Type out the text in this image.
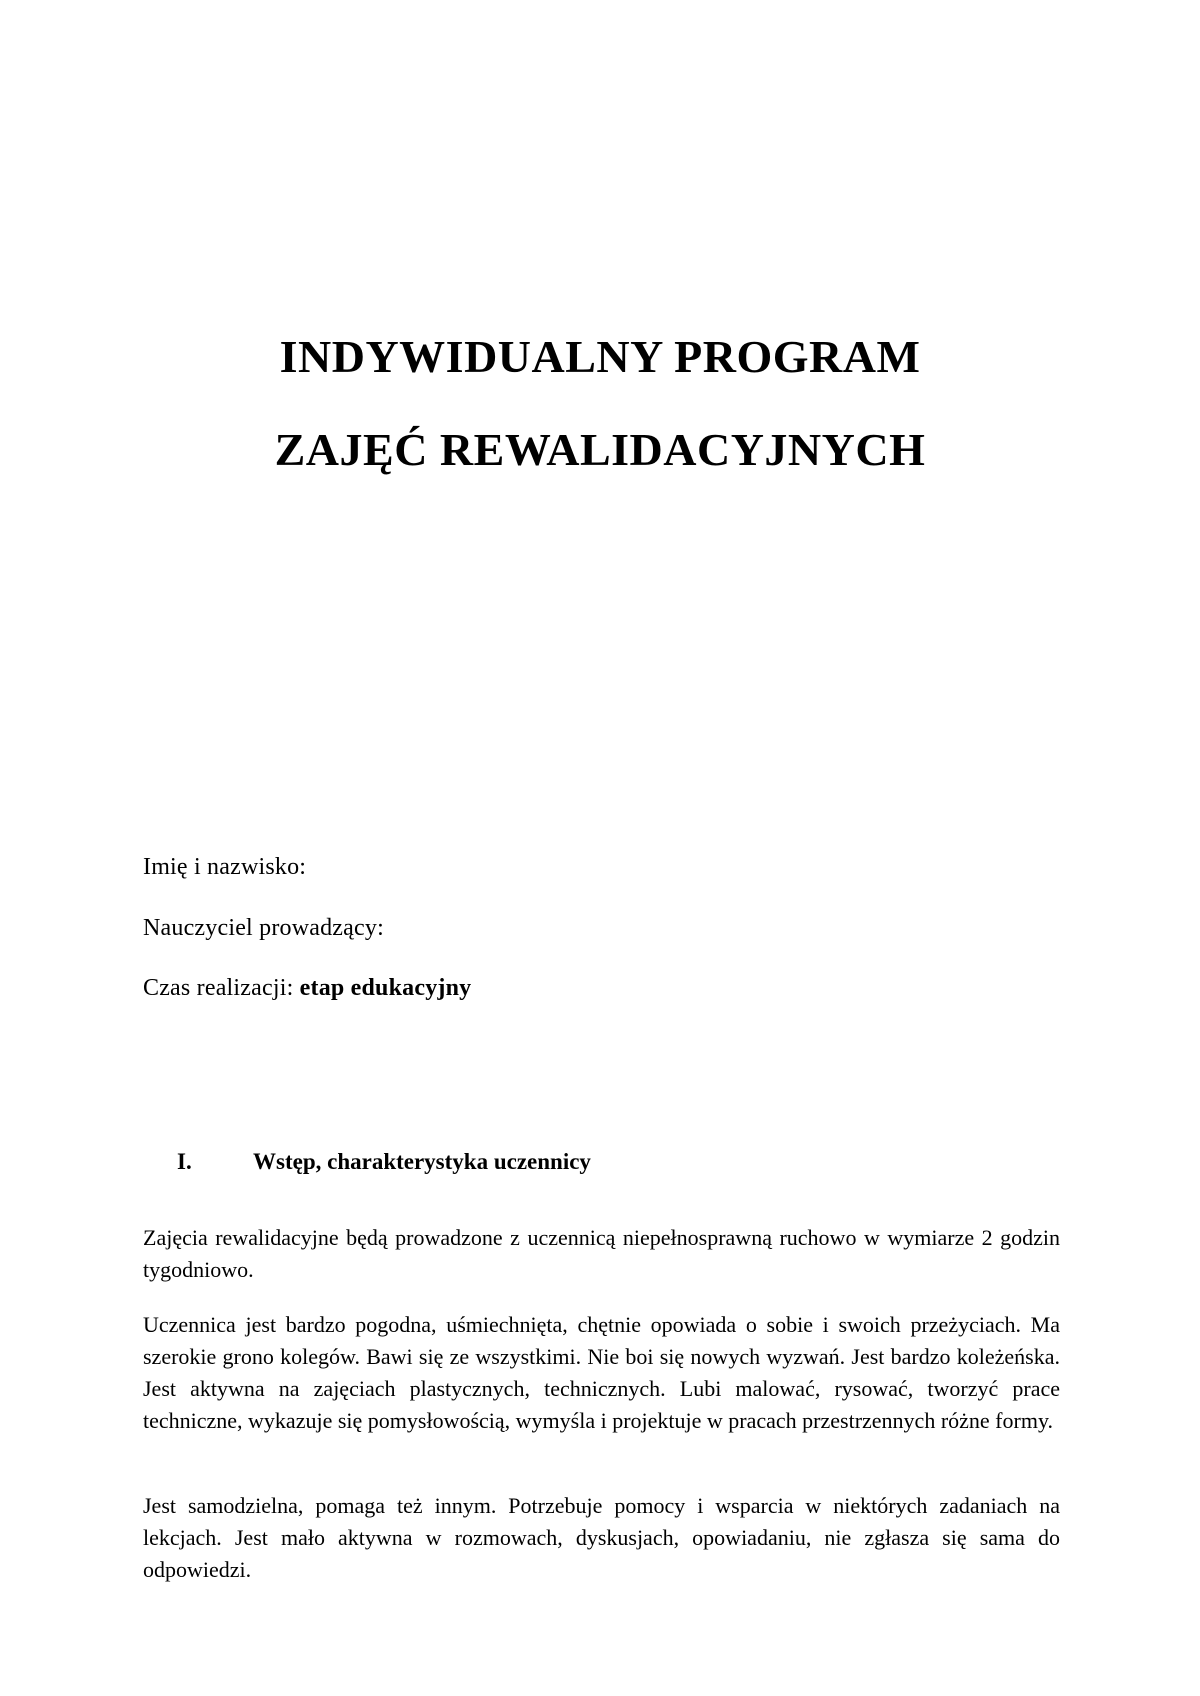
INDYWIDUALNY PROGRAM
ZAJĘĆ REWALIDACYJNYCH
Imię i nazwisko:
Nauczyciel prowadzący:
Czas realizacji: etap edukacyjny
I.	Wstęp, charakterystyka uczennicy

Zajęcia rewalidacyjne będą prowadzone z uczennicą niepełnosprawną ruchowo w wymiarze 2 godzin tygodniowo.

Uczennica jest bardzo pogodna, uśmiechnięta, chętnie opowiada o sobie i swoich przeżyciach. Ma szerokie grono kolegów. Bawi się ze wszystkimi. Nie boi się nowych wyzwań. Jest bardzo koleżeńska. Jest aktywna na zajęciach plastycznych, technicznych. Lubi malować, rysować, tworzyć prace techniczne, wykazuje się pomysłowością, wymyśla i projektuje w pracach przestrzennych różne formy.

Jest samodzielna, pomaga też innym. Potrzebuje pomocy i wsparcia w niektórych zadaniach na lekcjach. Jest mało aktywna w rozmowach, dyskusjach, opowiadaniu, nie zgłasza się sama do odpowiedzi.
